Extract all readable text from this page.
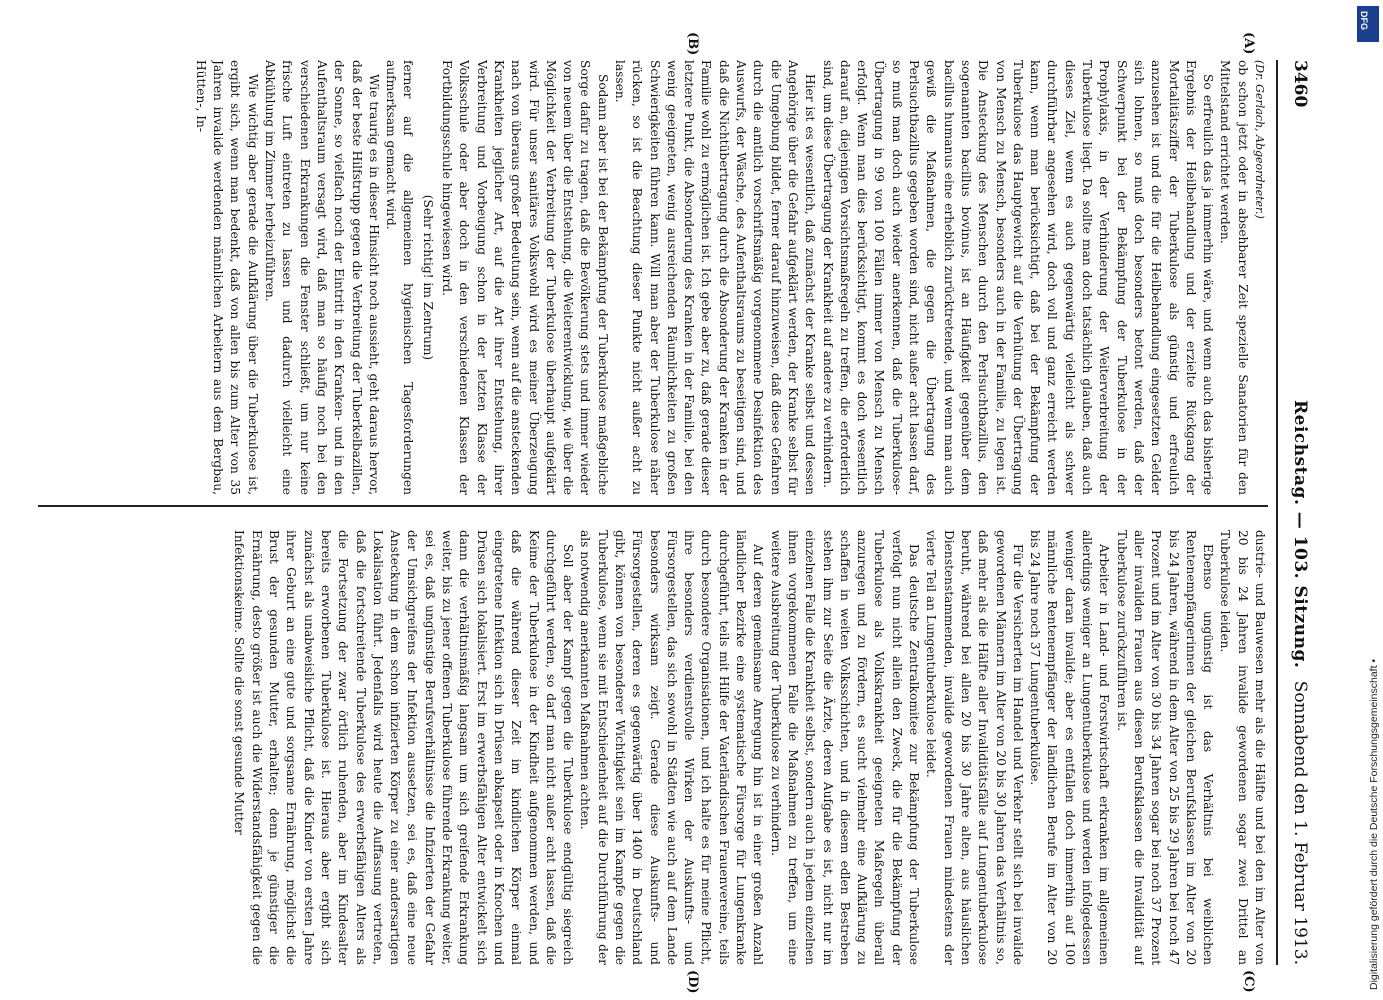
3460
Reichstag. — 103. Sitzung.
Sonnabend den 1. Februar 1913.
(A)
(B)
(C)
(D)

(Dr. Gerlach, Abgeordneter.)

ob schon jetzt oder in absehbarer Zeit spezielle Sanatorien für den Mittelstand errichtet werden.

So erfreulich das ja immerhin wäre, und wenn auch das bisherige Ergebnis der Heilbehandlung und der erzielte Rückgang der Mortalitätsziffer der Tuberkulose als günstig und erfreulich anzusehen ist und die für die Heilbehandlung eingesetzten Gelder sich lohnen, so muß doch besonders betont werden, daß der Schwerpunkt bei der Bekämpfung der Tuberkulose in der Prophylaxis, in der Verhinderung der Weiterverbreitung der Tuberkulose liegt. Da sollte man doch tatsächlich glauben, daß auch dieses Ziel, wenn es auch gegenwärtig vielleicht als schwer durchführbar angesehen wird, doch voll und ganz erreicht werden kann, wenn man berücksichtigt, daß bei der Bekämpfung der Tuberkulose das Hauptgewicht auf die Verhütung der Übertragung von Mensch zu Mensch, besonders auch in der Familie, zu legen ist. Die Ansteckung des Menschen durch den Perlsuchtbazillus, den sogenannten bacillus bovinus, ist an Häufigkeit gegenüber dem bacillus humanus eine erheblich zurücktretende, und wenn man auch gewiß die Maßnahmen, die gegen die Übertragung des Perlsuchtbazillus gegeben worden sind, nicht außer acht lassen darf, so muß man doch auch wieder anerkennen, daß die Tuberkulose-Übertragung in 99 von 100 Fällen immer von Mensch zu Mensch erfolgt. Wenn man dies berücksichtigt, kommt es doch wesentlich darauf an, diejenigen Vorsichtsmaßregeln zu treffen, die erforderlich sind, um diese Übertragung der Krankheit auf andere zu verhindern.

Hier ist es wesentlich, daß zunächst der Kranke selbst und dessen Angehörige über die Gefahr aufgeklärt werden, der Kranke selbst für die Umgebung bildet, ferner darauf hinzuweisen, daß diese Gefahren durch die amtlich vorschriftsmäßig vorgenommene Desinfektion des Auswurfs, der Wäsche, des Aufenthaltsraums zu beseitigen sind, und daß die Nichtübertragung durch die Absonderung der Kranken in der Familie wohl zu ermöglichen ist. Ich gebe aber zu, daß gerade dieser letztere Punkt, die Absonderung des Kranken in der Familie, bei den wenig geeigneten, wenig ausreichenden Räumlichkeiten zu großen Schwierigkeiten führen kann. Will man aber der Tuberkulose näher rücken, so ist die Beachtung dieser Punkte nicht außer acht zu lassen.

Sodann aber ist bei der Bekämpfung der Tuberkulose maßgebliche Sorge dafür zu tragen, daß die Bevölkerung stets und immer wieder von neuem über die Entstehung, die Weiterentwicklung, wie über die Möglichkeit der Verbreitung der Tuberkulose überhaupt aufgeklärt wird. Für unser sanitäres Volkswohl wird es meiner Überzeugung nach von überaus großer Bedeutung sein, wenn auf die ansteckenden Krankheiten jeglicher Art, auf die Art ihrer Entstehung, ihrer Verbreitung und Vorbeugung schon in der letzten Klasse der Volksschule oder aber doch in den verschiedenen Klassen der Fortbildungsschule hingewiesen wird.

(Sehr richtig! im Zentrum)

ferner auf die allgemeinen hygienischen Tagesforderungen aufmerksam gemacht wird.

Wie traurig es in dieser Hinsicht noch aussieht, geht daraus hervor, daß der beste Hilfstrupp gegen die Verbreitung der Tuberkelbazillen, der Sonne, so vielfach noch der Eintritt in den Kranken- und in den Aufenthaltsraum versagt wird, daß man so häufig noch bei den verschiedenen Erkrankungen die Fenster schließt, um nur keine frische Luft eintreten zu lassen und dadurch vielleicht eine Abkühlung im Zimmer herbeizuführen.

Wie wichtig aber gerade die Aufklärung über die Tuberkulose ist, ergibt sich, wenn man bedenkt, daß von allen bis zum Alter von 35 Jahren invalide werdenden männlichen Arbeitern aus dem Bergbau, Hütten-, In-

dustrie- und Bauwesen mehr als die Hälfte und bei den im Alter von 20 bis 24 Jahren invalide gewordenen sogar zwei Drittel an Tuberkulose leiden.

Ebenso ungünstig ist das Verhältnis bei weiblichen Rentenempfängerinnen der gleichen Berufsklassen im Alter von 20 bis 24 Jahren, während in dem Alter von 25 bis 29 Jahren bei noch 47 Prozent und im Alter von 30 bis 34 Jahren sogar bei noch 37 Prozent aller invaliden Frauen aus diesen Berufsklassen die Invalidität auf Tuberkulose zurückzuführen ist.

Arbeiter in Land- und Forstwirtschaft erkranken im allgemeinen allerdings weniger an Lungentuberkulose und werden infolgedessen weniger daran invalide; aber es entfallen doch immerhin auf 100 männliche Rentenempfänger der ländlichen Berufe im Alter von 20 bis 24 Jahre noch 37 Lungentuberkulöse.

Für die Versicherten im Handel und Verkehr stellt sich bei invalide gewordenen Männern im Alter von 20 bis 30 Jahren das Verhältnis so, daß mehr als die Hälfte aller Invaliditätsfälle auf Lungentuberkulose beruht, während bei allen 20 bis 30 Jahre alten, aus häuslichen Dienstenstammenden, invalide gewordenen Frauen mindestens der vierte Teil an Lungentuberkulose leidet.

Das deutsche Zentralkomitee zur Bekämpfung der Tuberkulose verfolgt nun nicht allein den Zweck, die für die Bekämpfung der Tuberkulose als Volkskrankheit geeigneten Maßregeln überall anzuregen und zu fördern, es sucht vielmehr eine Aufklärung zu schaffen in weiten Volksschichten, und in diesem edlen Bestreben stehen ihm zur Seite die Ärzte, deren Aufgabe es ist, nicht nur im einzelnen Falle die Krankheit selbst, sondern auch in jedem einzelnen ihnen vorgekommenen Falle die Maßnahmen zu treffen, um eine weitere Ausbreitung der Tuberkulose zu verhindern.

Auf deren gemeinsame Anregung hin ist in einer großen Anzahl ländlicher Bezirke eine systematische Fürsorge für Lungenkranke durchgeführt, teils mit Hilfe der Vaterländischen Frauenvereine, teils durch besondere Organisationen, und ich halte es für meine Pflicht, ihre besonders verdienstvolle Wirken der Auskunfts- und Fürsorgestellen, das sich sowohl in Städten wie auch auf dem Lande besonders wirksam zeigt. Gerade diese Auskunfts- und Fürsorgestellen, deren es gegenwärtig über 1400 in Deutschland gibt, können von besonderer Wichtigkeit sein im Kampfe gegen die Tuberkulose, wenn sie mit Entschiedenheit auf die Durchführung der als notwendig anerkannten Maßnahmen achten.

Soll aber der Kampf gegen die Tuberkulose endgültig siegreich durchgeführt werden, so darf man nicht außer acht lassen, daß die Keime der Tuberkulose in der Kindheit aufgenommen werden, und daß die während dieser Zeit im kindlichen Körper einmal eingetretene Infektion sich in Drüsen abkapselt oder in Knochen und Drüsen sich lokalisiert. Erst im erwerbsfähigen Alter entwickelt sich dann die verhältnismäßig langsam um sich greifende Erkrankung weiter, bis zu jener offenen Tuberkulose führende Erkrankung weiter, sei es, daß ungünstige Berufsverhältnisse die Infizierten der Gefahr der Umsichgreifens der Infektion aussetzen, sei es, daß eine neue Ansteckung in dem schon infizierten Körper zu einer andersartigen Lokalisation führt. Jedenfalls wird heute die Auffassung vertreten, daß die fortschreitende Tuberkulose des erwerbsfähigen Alters als die Fortsetzung der zwar örtlich ruhenden, aber im Kindesalter bereits erworbenen Tuberkulose ist. Hieraus aber ergibt sich zunächst als unabweisliche Pflicht, daß die Kinder von ersten Jahre ihrer Geburt an eine gute und sorgsame Ernährung, möglichst die Brust der gesunden Mutter, erhalten; denn je günstiger die Ernährung, desto größer ist auch die Widerstandsfähigkeit gegen die Infektionskeime. Sollte die sonst gesunde Mutter

DFG
Digitalisierung gefördert durch die Deutsche Forschungsgemeinschaft •
